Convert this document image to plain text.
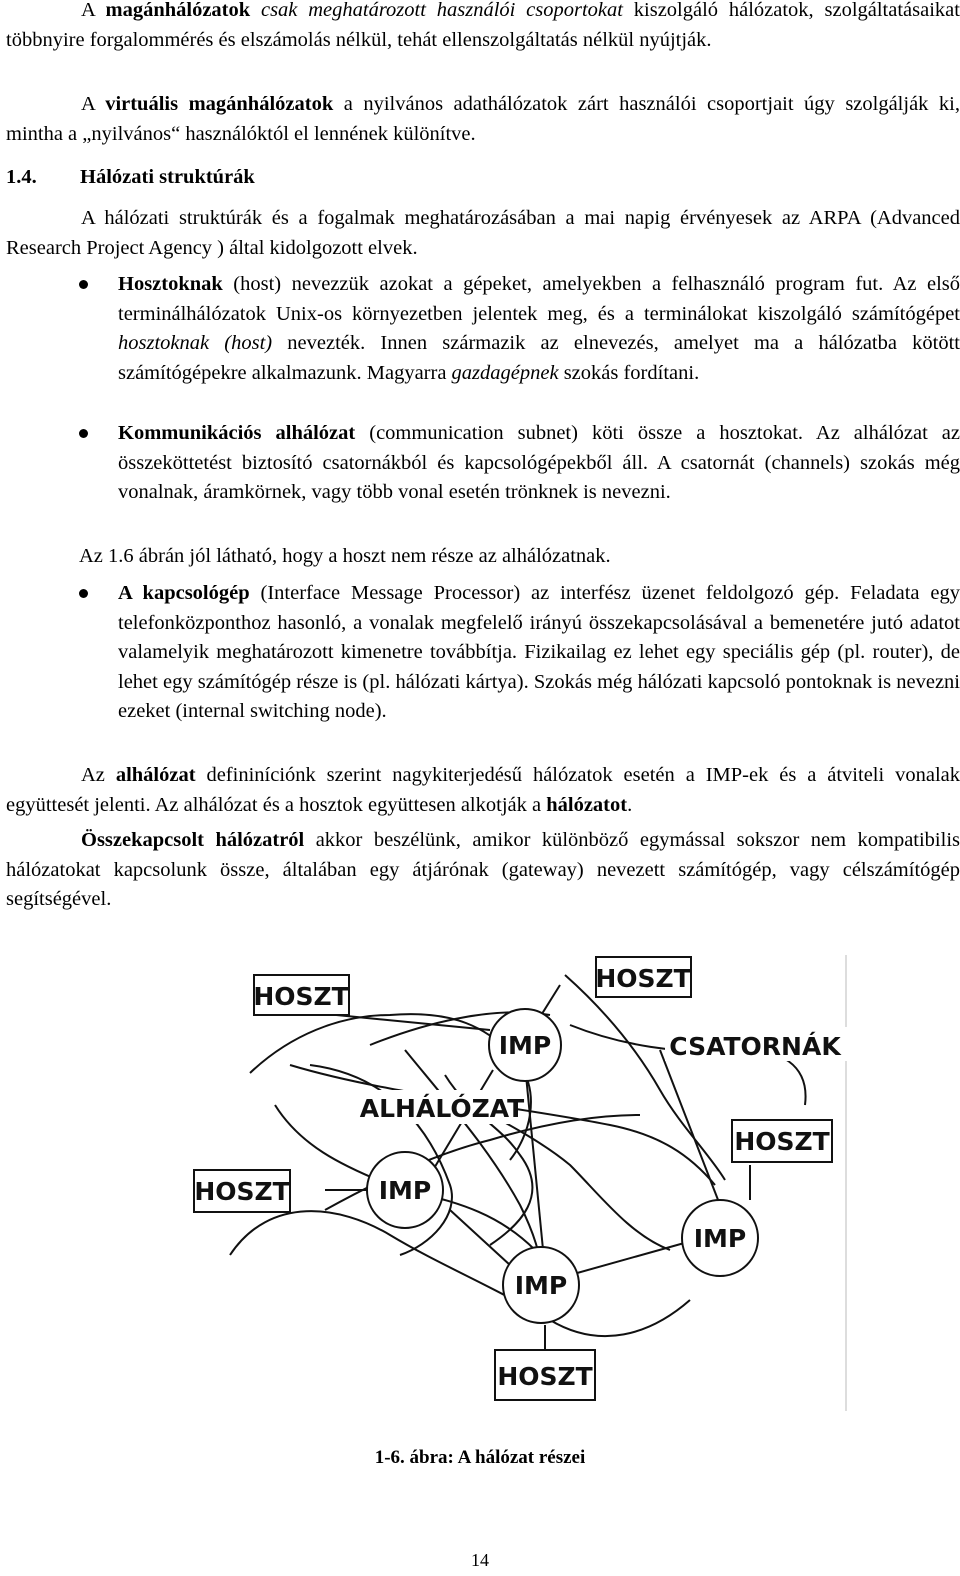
A magánhálózatok csak meghatározott használói csoportokat kiszolgáló hálózatok, szolgáltatásaikat többnyire forgalommérés és elszámolás nélkül, tehát ellenszolgáltatás nélkül nyújtják.

A virtuális magánhálózatok a nyilvános adathálózatok zárt használói csoportjait úgy szolgálják ki, mintha a „nyilvános“ használóktól el lennének különítve.

1.4. Hálózati struktúrák

A hálózati struktúrák és a fogalmak meghatározásában a mai napig érvényesek az ARPA (Advanced Research Project Agency ) által kidolgozott elvek.

Hosztoknak (host) nevezzük azokat a gépeket, amelyekben a felhasználó program fut. Az első terminálhálózatok Unix-os környezetben jelentek meg, és a terminálokat kiszolgáló számítógépet hosztoknak (host) nevezték. Innen származik az elnevezés, amelyet ma a hálózatba kötött számítógépekre alkalmazunk. Magyarra gazdagépnek szokás fordítani.

Kommunikációs alhálózat (communication subnet) köti össze a hosztokat. Az alhálózat az összeköttetést biztosító csatornákból és kapcsológépekből áll. A csatornát (channels) szokás még vonalnak, áramkörnek, vagy több vonal esetén trönknek is nevezni.

Az 1.6 ábrán jól látható, hogy a hoszt nem része az alhálózatnak.

A kapcsológép (Interface Message Processor) az interfész üzenet feldolgozó gép. Feladata egy telefonközponthoz hasonló, a vonalak megfelelő irányú összekapcsolásával a bemenetére jutó adatot valamelyik meghatározott kimenetre továbbítja. Fizikailag ez lehet egy speciális gép (pl. router), de lehet egy számítógép része is (pl. hálózati kártya). Szokás még hálózati kapcsoló pontoknak is nevezni ezeket (internal switching node).

Az alhálózat defininíciónk szerint nagykiterjedésű hálózatok esetén a IMP-ek és a átviteli vonalak együttesét jelenti. Az alhálózat és a hosztok együttesen alkotják a hálózatot.

Összekapcsolt hálózatról akkor beszélünk, amikor különböző egymással sokszor nem kompatibilis hálózatokat kapcsolunk össze, általában egy átjárónak (gateway) nevezett számítógép, vagy célszámítógép segítségével.

HOSZT
HOSZT
HOSZT
HOSZT
HOSZT
IMP
IMP
IMP
IMP
ALHÁLÓZAT
CSATORNÁK

1-6. ábra: A hálózat részei

14
